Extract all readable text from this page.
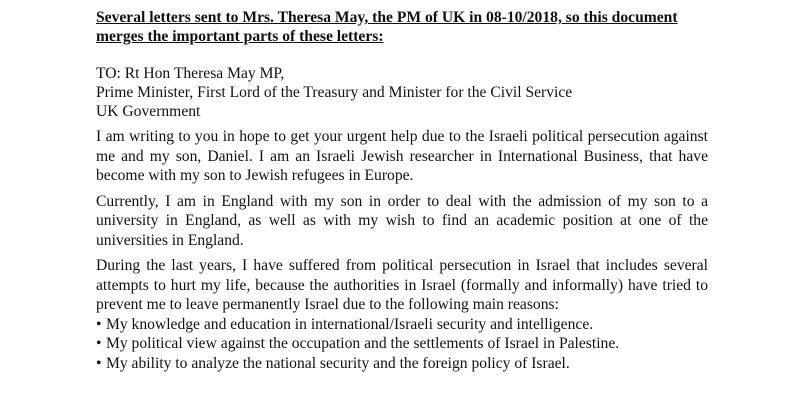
Several letters sent to Mrs. Theresa May, the PM of UK in 08-10/2018, so this document
merges the important parts of these letters:
TO: Rt Hon Theresa May MP,
Prime Minister, First Lord of the Treasury and Minister for the Civil Service
UK Government

I am writing to you in hope to get your urgent help due to the Israeli political persecution against me and my son, Daniel. I am an Israeli Jewish researcher in International Business, that have become with my son to Jewish refugees in Europe.

Currently, I am in England with my son in order to deal with the admission of my son to a university in England, as well as with my wish to find an academic position at one of the universities in England.

During the last years, I have suffered from political persecution in Israel that includes several attempts to hurt my life, because the authorities in Israel (formally and informally) have tried to prevent me to leave permanently Israel due to the following main reasons:

• My knowledge and education in international/Israeli security and intelligence.
• My political view against the occupation and the settlements of Israel in Palestine.
• My ability to analyze the national security and the foreign policy of Israel.
